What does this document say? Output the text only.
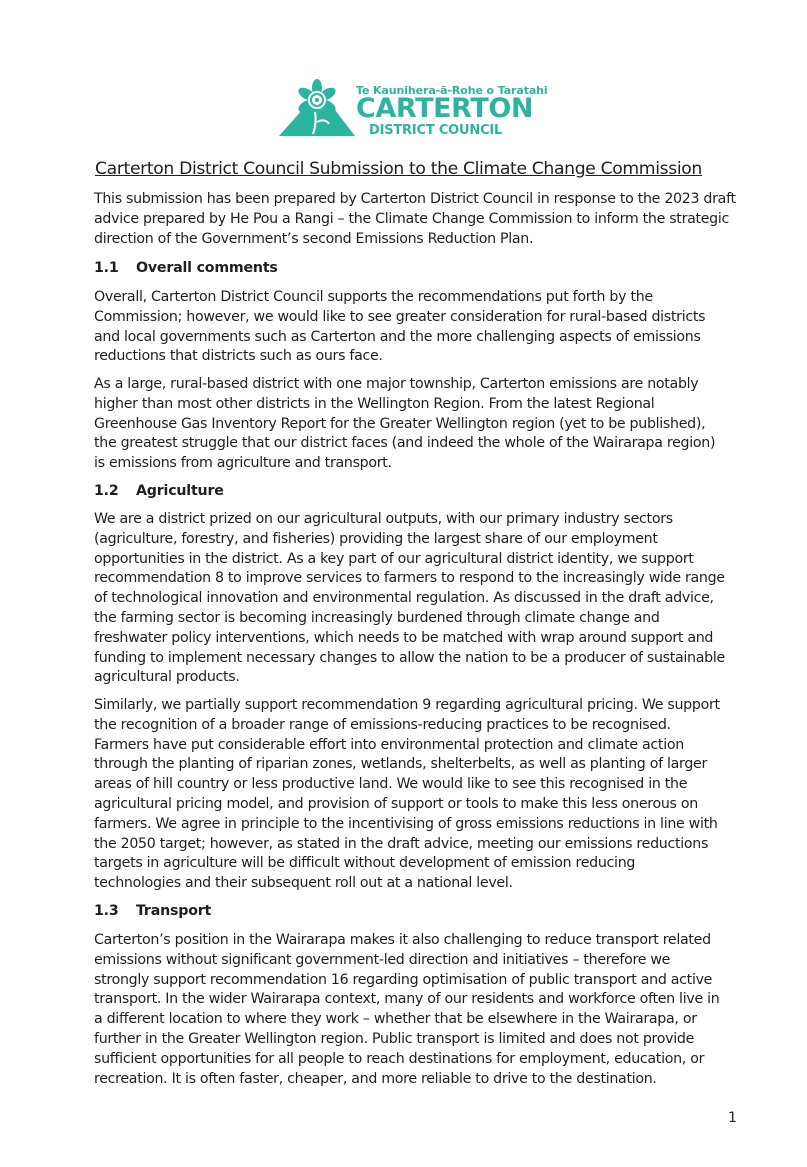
Te Kaunihera-ā-Rohe o Taratahi
CARTERTON
DISTRICT COUNCIL
Carterton District Council Submission to the Climate Change Commission
This submission has been prepared by Carterton District Council in response to the 2023 draft
advice prepared by He Pou a Rangi – the Climate Change Commission to inform the strategic
direction of the Government’s second Emissions Reduction Plan.
1.1 Overall comments
Overall, Carterton District Council supports the recommendations put forth by the
Commission; however, we would like to see greater consideration for rural-based districts
and local governments such as Carterton and the more challenging aspects of emissions
reductions that districts such as ours face.
As a large, rural-based district with one major township, Carterton emissions are notably
higher than most other districts in the Wellington Region. From the latest Regional
Greenhouse Gas Inventory Report for the Greater Wellington region (yet to be published),
the greatest struggle that our district faces (and indeed the whole of the Wairarapa region)
is emissions from agriculture and transport.
1.2 Agriculture
We are a district prized on our agricultural outputs, with our primary industry sectors
(agriculture, forestry, and fisheries) providing the largest share of our employment
opportunities in the district. As a key part of our agricultural district identity, we support
recommendation 8 to improve services to farmers to respond to the increasingly wide range
of technological innovation and environmental regulation. As discussed in the draft advice,
the farming sector is becoming increasingly burdened through climate change and
freshwater policy interventions, which needs to be matched with wrap around support and
funding to implement necessary changes to allow the nation to be a producer of sustainable
agricultural products.
Similarly, we partially support recommendation 9 regarding agricultural pricing. We support
the recognition of a broader range of emissions-reducing practices to be recognised.
Farmers have put considerable effort into environmental protection and climate action
through the planting of riparian zones, wetlands, shelterbelts, as well as planting of larger
areas of hill country or less productive land. We would like to see this recognised in the
agricultural pricing model, and provision of support or tools to make this less onerous on
farmers. We agree in principle to the incentivising of gross emissions reductions in line with
the 2050 target; however, as stated in the draft advice, meeting our emissions reductions
targets in agriculture will be difficult without development of emission reducing
technologies and their subsequent roll out at a national level.
1.3 Transport
Carterton’s position in the Wairarapa makes it also challenging to reduce transport related
emissions without significant government-led direction and initiatives – therefore we
strongly support recommendation 16 regarding optimisation of public transport and active
transport. In the wider Wairarapa context, many of our residents and workforce often live in
a different location to where they work – whether that be elsewhere in the Wairarapa, or
further in the Greater Wellington region. Public transport is limited and does not provide
sufficient opportunities for all people to reach destinations for employment, education, or
recreation. It is often faster, cheaper, and more reliable to drive to the destination.
1
